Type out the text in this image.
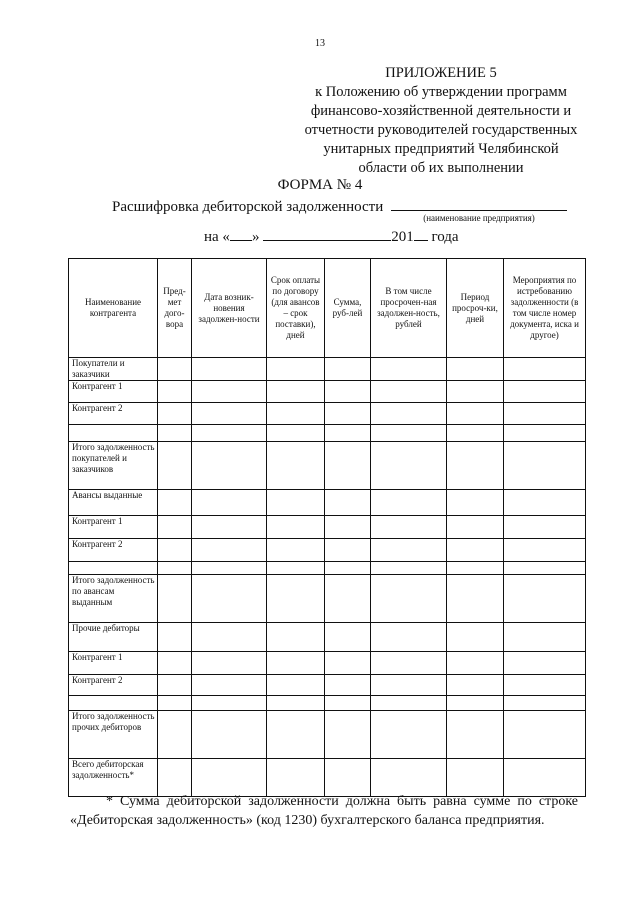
13
ПРИЛОЖЕНИЕ 5
к Положению об утверждении программ
финансово-хозяйственной деятельности и
отчетности руководителей государственных
унитарных предприятий Челябинской
области об их выполнении
ФОРМА № 4
Расшифровка дебиторской задолженности
(наименование предприятия)
на « »	201 года
Наименование контрагента	Пред-мет дого-вора	Дата возник-новения задолжен-ности	Срок оплаты по договору (для авансов – срок поставки), дней	Сумма, руб-лей	В том числе просрочен-ная задолжен-ность, рублей	Период просроч-ки, дней	Мероприятия по истребованию задолженности (в том числе номер документа, иска и другое)
Покупатели и заказчики							
Контрагент 1							
Контрагент 2							

Итого задолженность покупателей и заказчиков							
Авансы выданные							
Контрагент 1							
Контрагент 2							

Итого задолженность по авансам выданным							
Прочие дебиторы							
Контрагент 1							
Контрагент 2							

Итого задолженность прочих дебиторов							
Всего дебиторская задолженность*							
* Сумма дебиторской задолженности должна быть равна сумме по строке «Дебиторская задолженность» (код 1230) бухгалтерского баланса предприятия.
